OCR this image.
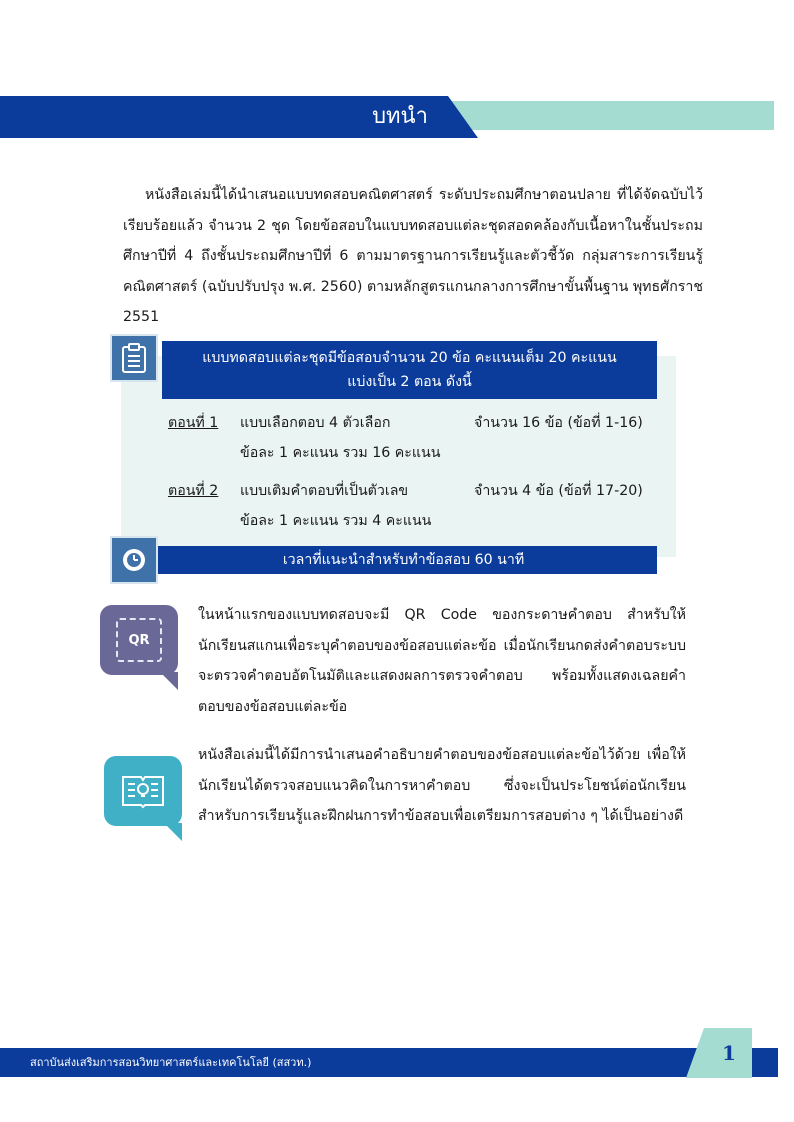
บทนำ
หนังสือเล่มนี้ได้นำเสนอแบบทดสอบคณิตศาสตร์ ระดับประถมศึกษาตอนปลาย ที่ได้จัดฉบับไว้เรียบร้อยแล้ว จำนวน 2 ชุด โดยข้อสอบในแบบทดสอบแต่ละชุดสอดคล้องกับเนื้อหาในชั้นประถมศึกษาปีที่ 4 ถึงชั้นประถมศึกษาปีที่ 6 ตามมาตรฐานการเรียนรู้และตัวชี้วัด กลุ่มสาระการเรียนรู้คณิตศาสตร์ (ฉบับปรับปรุง พ.ศ. 2560) ตามหลักสูตรแกนกลางการศึกษาขั้นพื้นฐาน พุทธศักราช 2551
แบบทดสอบแต่ละชุดมีข้อสอบจำนวน 20 ข้อ คะแนนเต็ม 20 คะแนน
แบ่งเป็น 2 ตอน ดังนี้
ตอนที่ 1 แบบเลือกตอบ 4 ตัวเลือก	จำนวน 16 ข้อ (ข้อที่ 1-16)
ข้อละ 1 คะแนน รวม 16 คะแนน
ตอนที่ 2 แบบเติมคำตอบที่เป็นตัวเลข	จำนวน 4 ข้อ (ข้อที่ 17-20)
ข้อละ 1 คะแนน รวม 4 คะแนน
เวลาที่แนะนำสำหรับทำข้อสอบ 60 นาที
QR
ในหน้าแรกของแบบทดสอบจะมี QR Code ของกระดาษคำตอบ สำหรับให้นักเรียนสแกนเพื่อระบุคำตอบของข้อสอบแต่ละข้อ เมื่อนักเรียนกดส่งคำตอบระบบจะตรวจคำตอบอัตโนมัติและแสดงผลการตรวจคำตอบ พร้อมทั้งแสดงเฉลยคำตอบของข้อสอบแต่ละข้อ
หนังสือเล่มนี้ได้มีการนำเสนอคำอธิบายคำตอบของข้อสอบแต่ละข้อไว้ด้วย เพื่อให้นักเรียนได้ตรวจสอบแนวคิดในการหาคำตอบ ซึ่งจะเป็นประโยชน์ต่อนักเรียนสำหรับการเรียนรู้และฝึกฝนการทำข้อสอบเพื่อเตรียมการสอบต่าง ๆ ได้เป็นอย่างดี
สถาบันส่งเสริมการสอนวิทยาศาสตร์และเทคโนโลยี (สสวท.)	1
